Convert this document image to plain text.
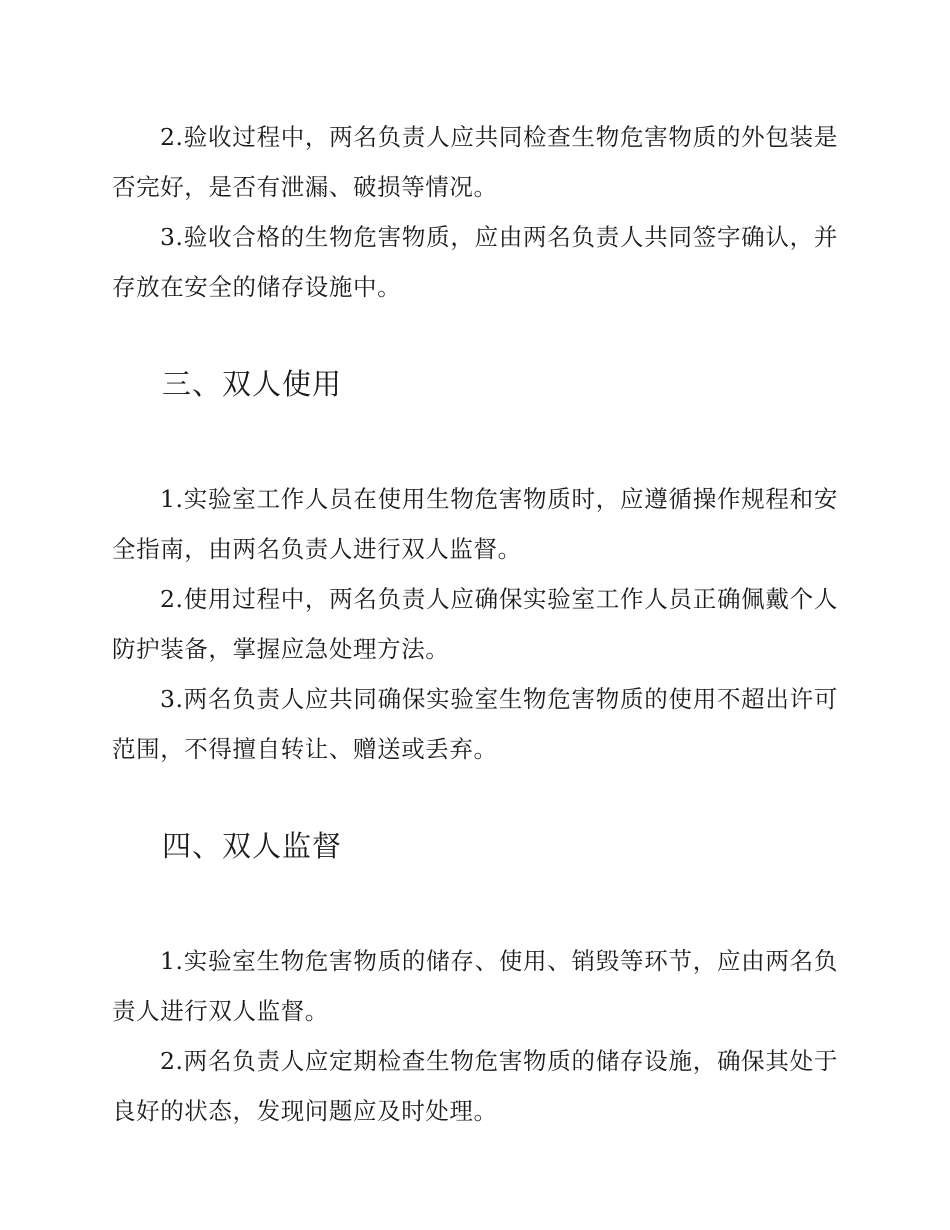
2.验收过程中，两名负责人应共同检查生物危害物质的外包装是否完好，是否有泄漏、破损等情况。

3.验收合格的生物危害物质，应由两名负责人共同签字确认，并存放在安全的储存设施中。

三、双人使用

1.实验室工作人员在使用生物危害物质时，应遵循操作规程和安全指南，由两名负责人进行双人监督。

2.使用过程中，两名负责人应确保实验室工作人员正确佩戴个人防护装备，掌握应急处理方法。

3.两名负责人应共同确保实验室生物危害物质的使用不超出许可范围，不得擅自转让、赠送或丢弃。

四、双人监督

1.实验室生物危害物质的储存、使用、销毁等环节，应由两名负责人进行双人监督。

2.两名负责人应定期检查生物危害物质的储存设施，确保其处于良好的状态，发现问题应及时处理。
